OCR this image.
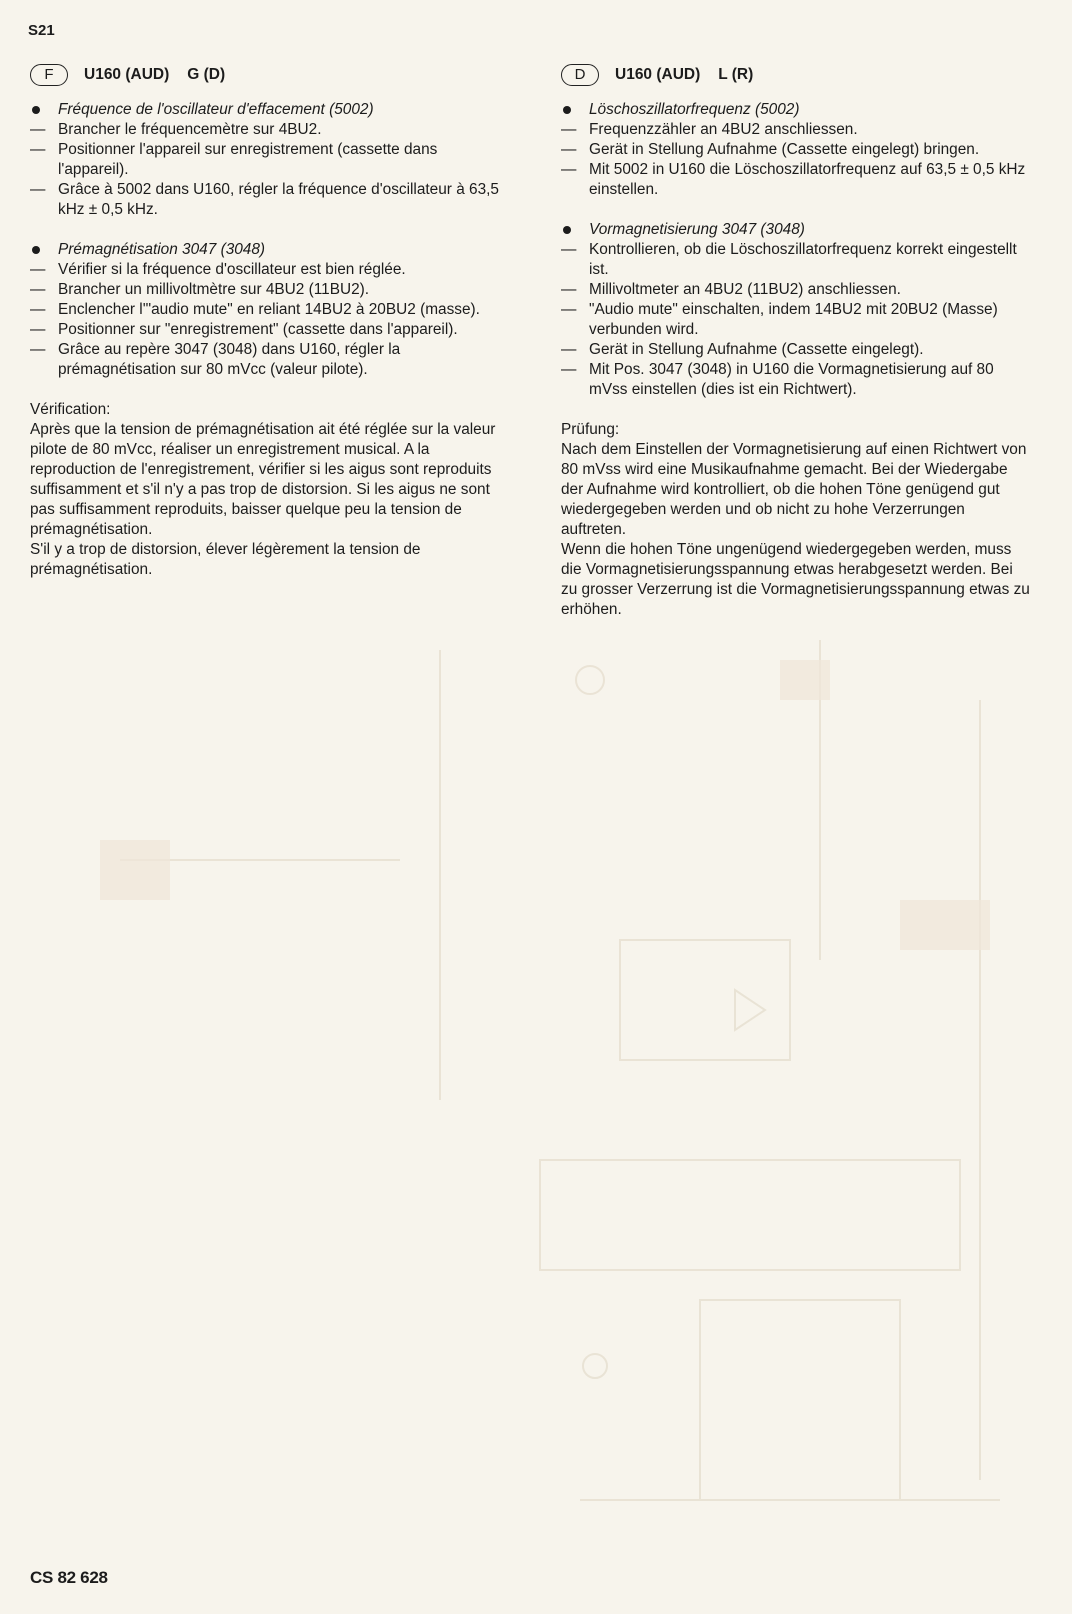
S21
F	U160 (AUD) G (D)
Fréquence de l'oscillateur d'effacement (5002)
— Brancher le fréquencemètre sur 4BU2.
— Positionner l'appareil sur enregistrement (cassette dans l'appareil).
— Grâce à 5002 dans U160, régler la fréquence d'oscillateur à 63,5 kHz ± 0,5 kHz.
Prémagnétisation 3047 (3048)
— Vérifier si la fréquence d'oscillateur est bien réglée.
— Brancher un millivoltmètre sur 4BU2 (11BU2).
— Enclencher l'"audio mute" en reliant 14BU2 à 20BU2 (masse).
— Positionner sur "enregistrement" (cassette dans l'appareil).
— Grâce au repère 3047 (3048) dans U160, régler la prémagnétisation sur 80 mVcc (valeur pilote).
Vérification:
Après que la tension de prémagnétisation ait été réglée sur la valeur pilote de 80 mVcc, réaliser un enregistrement musical. A la reproduction de l'enregistrement, vérifier si les aigus sont reproduits suffisamment et s'il n'y a pas trop de distorsion. Si les aigus ne sont pas suffisamment reproduits, baisser quelque peu la tension de prémagnétisation.
S'il y a trop de distorsion, élever légèrement la tension de prémagnétisation.
D	U160 (AUD) L (R)
Löschoszillatorfrequenz (5002)
— Frequenzzähler an 4BU2 anschliessen.
— Gerät in Stellung Aufnahme (Cassette eingelegt) bringen.
— Mit 5002 in U160 die Löschoszillatorfrequenz auf 63,5 ± 0,5 kHz einstellen.
Vormagnetisierung 3047 (3048)
— Kontrollieren, ob die Löschoszillatorfrequenz korrekt eingestellt ist.
— Millivoltmeter an 4BU2 (11BU2) anschliessen.
— "Audio mute" einschalten, indem 14BU2 mit 20BU2 (Masse) verbunden wird.
— Gerät in Stellung Aufnahme (Cassette eingelegt).
— Mit Pos. 3047 (3048) in U160 die Vormagnetisierung auf 80 mVss einstellen (dies ist ein Richtwert).
Prüfung:
Nach dem Einstellen der Vormagnetisierung auf einen Richtwert von 80 mVss wird eine Musikaufnahme gemacht. Bei der Wiedergabe der Aufnahme wird kontrolliert, ob die hohen Töne genügend gut wiedergegeben werden und ob nicht zu hohe Verzerrungen auftreten.
Wenn die hohen Töne ungenügend wiedergegeben werden, muss die Vormagnetisierungsspannung etwas herabgesetzt werden. Bei zu grosser Verzerrung ist die Vormagnetisierungsspannung etwas zu erhöhen.
CS 82 628
